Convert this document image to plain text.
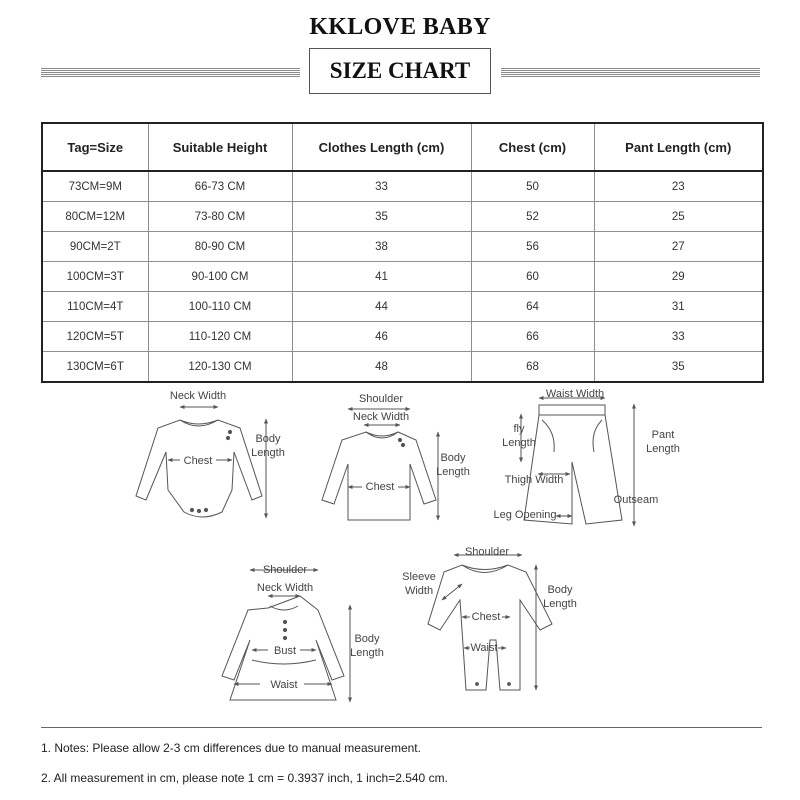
KKLOVE BABY
SIZE CHART
Tag=Size	Suitable Height	Clothes Length (cm)	Chest (cm)	Pant Length (cm)
73CM=9M	66-73 CM	33	50	23
80CM=12M	73-80 CM	35	52	25
90CM=2T	80-90 CM	38	56	27
100CM=3T	90-100 CM	41	60	29
110CM=4T	100-110 CM	44	64	31
120CM=5T	110-120 CM	46	66	33
130CM=6T	120-130 CM	48	68	35
Neck Width
Chest
Body
Length
Shoulder
Neck Width
Chest
Body
Length
Waist Width
fly
Length
Pant
Length
Thigh Width
Outseam
Leg Opening
Shoulder
Neck Width
Bust
Waist
Body
Length
Shoulder
Sleeve
Width
Chest
Waist
Body
Length
1. Notes: Please allow 2-3 cm differences due to manual measurement.
2. All measurement in cm, please note 1 cm = 0.3937 inch, 1 inch=2.540 cm.
